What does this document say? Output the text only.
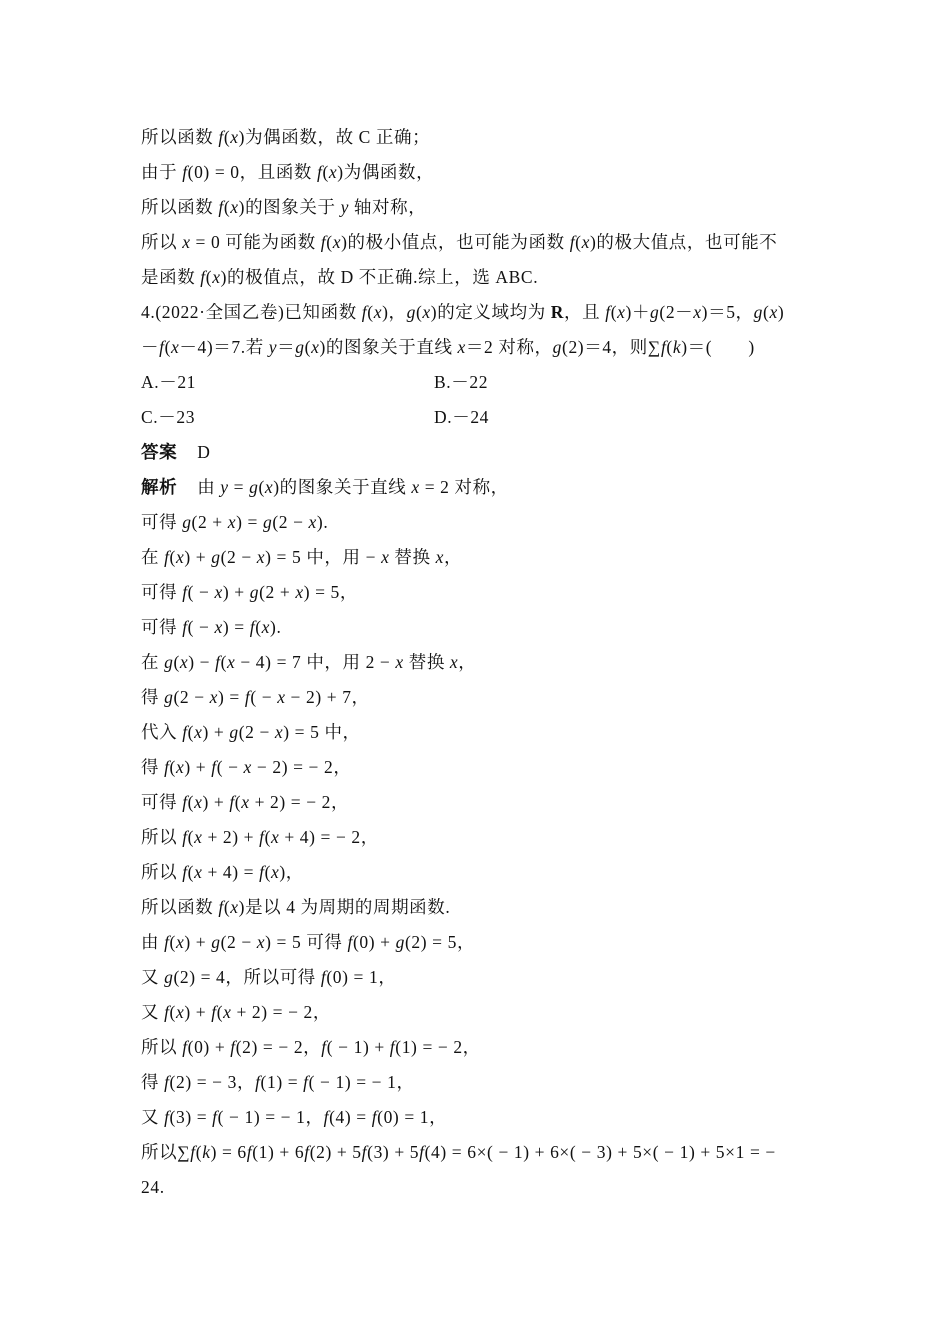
所以函数 f(x)为偶函数，故 C 正确；
由于 f(0) = 0，且函数 f(x)为偶函数，
所以函数 f(x)的图象关于 y 轴对称，
所以 x = 0 可能为函数 f(x)的极小值点，也可能为函数 f(x)的极大值点，也可能不
是函数 f(x)的极值点，故 D 不正确.综上，选 ABC.
4.(2022·全国乙卷)已知函数 f(x)，g(x)的定义域均为 R，且 f(x)＋g(2－x)＝5，g(x)
－f(x－4)＝7.若 y＝g(x)的图象关于直线 x＝2 对称，g(2)＝4，则∑f(k)＝(　　)
A.－21	B.－22
C.－23	D.－24
答案 D
解析 由 y = g(x)的图象关于直线 x = 2 对称，
可得 g(2 + x) = g(2 − x).
在 f(x) + g(2 − x) = 5 中，用 − x 替换 x，
可得 f( − x) + g(2 + x) = 5，
可得 f( − x) = f(x).
在 g(x) − f(x − 4) = 7 中，用 2 − x 替换 x，
得 g(2 − x) = f( − x − 2) + 7，
代入 f(x) + g(2 − x) = 5 中，
得 f(x) + f( − x − 2) = − 2，
可得 f(x) + f(x + 2) = − 2，
所以 f(x + 2) + f(x + 4) = − 2，
所以 f(x + 4) = f(x)，
所以函数 f(x)是以 4 为周期的周期函数.
由 f(x) + g(2 − x) = 5 可得 f(0) + g(2) = 5，
又 g(2) = 4，所以可得 f(0) = 1，
又 f(x) + f(x + 2) = − 2，
所以 f(0) + f(2) = − 2，f( − 1) + f(1) = − 2，
得 f(2) = − 3，f(1) = f( − 1) = − 1，
又 f(3) = f( − 1) = − 1，f(4) = f(0) = 1，
所以∑f(k) = 6f(1) + 6f(2) + 5f(3) + 5f(4) = 6×( − 1) + 6×( − 3) + 5×( − 1) + 5×1 = −
24.
